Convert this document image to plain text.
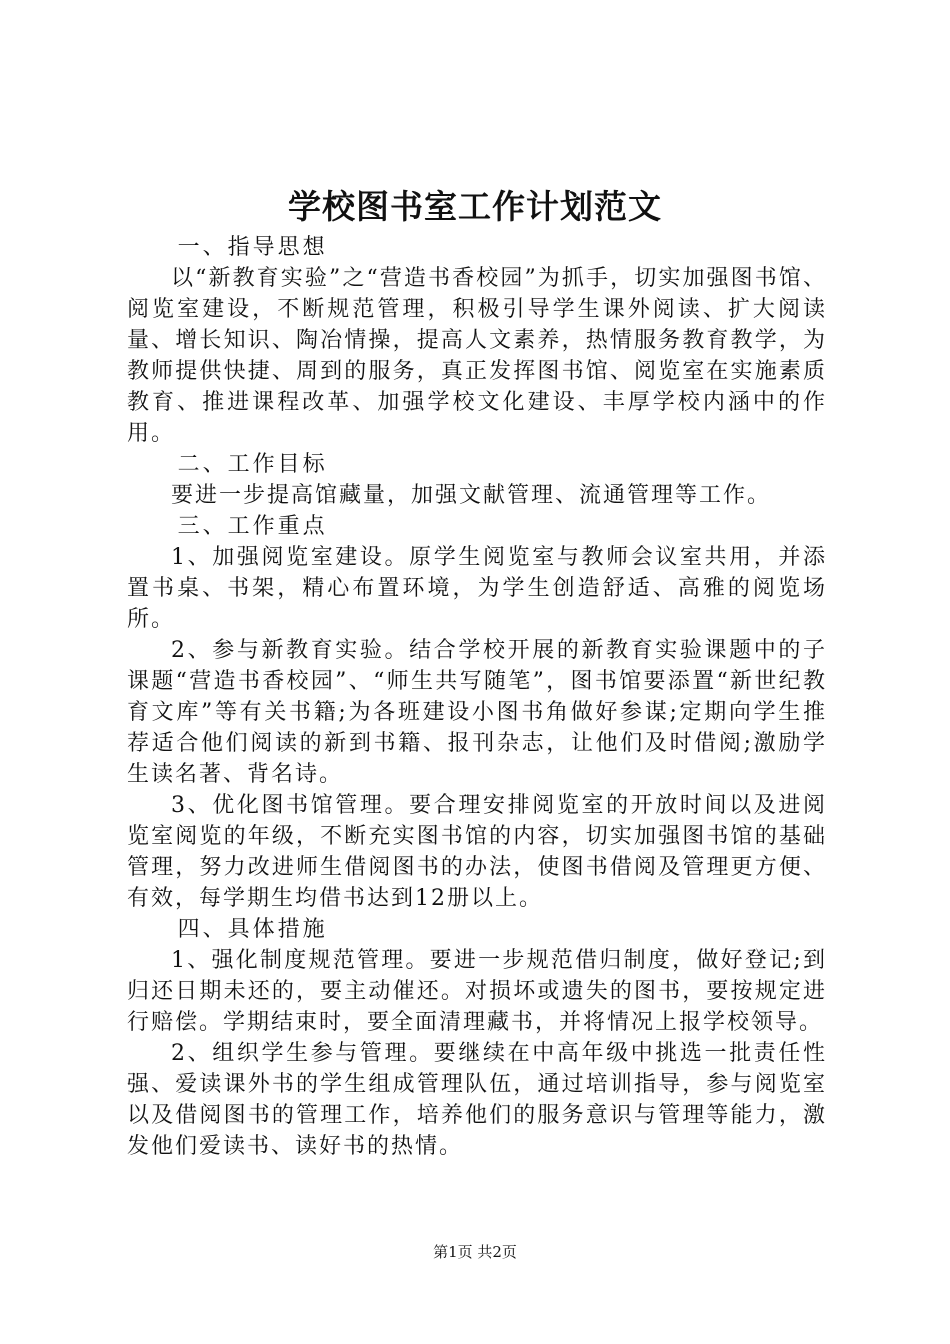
学校图书室工作计划范文

一、指导思想

以“新教育实验”之“营造书香校园”为抓手，切实加强图书馆、阅览室建设，不断规范管理，积极引导学生课外阅读、扩大阅读量、增长知识、陶冶情操，提高人文素养，热情服务教育教学，为教师提供快捷、周到的服务，真正发挥图书馆、阅览室在实施素质教育、推进课程改革、加强学校文化建设、丰厚学校内涵中的作用。

二、工作目标

要进一步提高馆藏量，加强文献管理、流通管理等工作。

三、工作重点

1、加强阅览室建设。原学生阅览室与教师会议室共用，并添置书桌、书架，精心布置环境，为学生创造舒适、高雅的阅览场所。

2、参与新教育实验。结合学校开展的新教育实验课题中的子课题“营造书香校园”、“师生共写随笔”，图书馆要添置“新世纪教育文库”等有关书籍;为各班建设小图书角做好参谋;定期向学生推荐适合他们阅读的新到书籍、报刊杂志，让他们及时借阅;激励学生读名著、背名诗。

3、优化图书馆管理。要合理安排阅览室的开放时间以及进阅览室阅览的年级，不断充实图书馆的内容，切实加强图书馆的基础管理，努力改进师生借阅图书的办法，使图书借阅及管理更方便、有效，每学期生均借书达到12册以上。

四、具体措施

1、强化制度规范管理。要进一步规范借归制度，做好登记;到归还日期未还的，要主动催还。对损坏或遗失的图书，要按规定进行赔偿。学期结束时，要全面清理藏书，并将情况上报学校领导。

2、组织学生参与管理。要继续在中高年级中挑选一批责任性强、爱读课外书的学生组成管理队伍，通过培训指导，参与阅览室以及借阅图书的管理工作，培养他们的服务意识与管理等能力，激发他们爱读书、读好书的热情。

第1页 共2页
